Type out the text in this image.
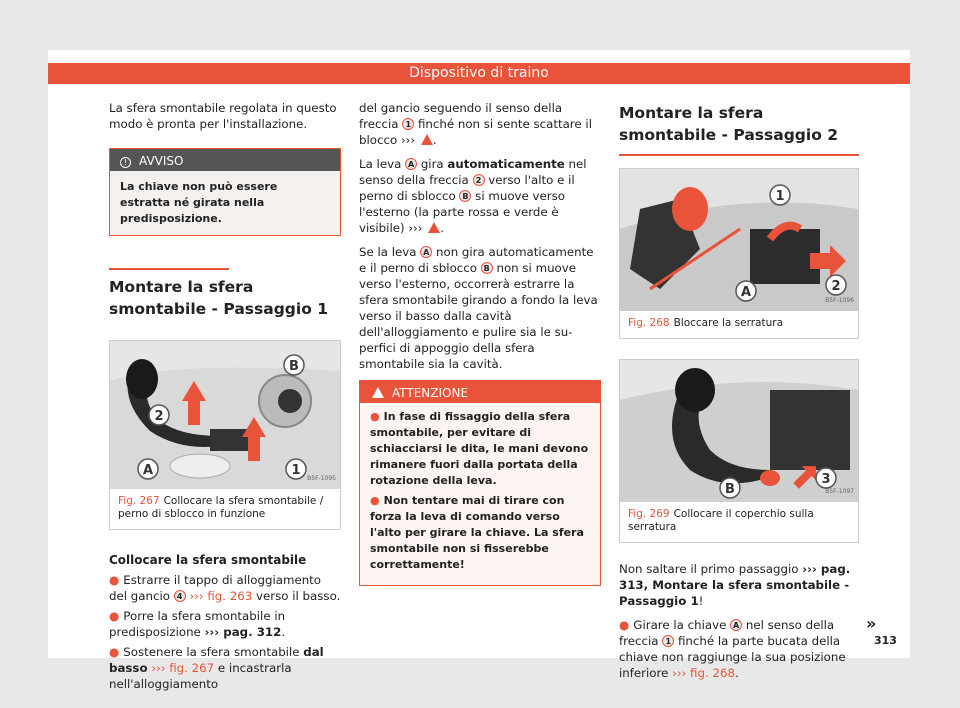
Dispositivo di traino

La sfera smontabile regolata in questo modo è pronta per l'installazione.

! AVVISO
La chiave non può essere estratta né girata nella predisposizione.
Montare la sfera smontabile - Passaggio 1
2
B
A	1
B5F-1095
Fig. 267 Collocare la sfera smontabile / perno di sblocco in funzione
Collocare la sfera smontabile
● Estrarre il tappo di alloggiamento del gancio 4 ››› fig. 263 verso il basso.
● Porre la sfera smontabile in predisposizione ››› pag. 312.
● Sostenere la sfera smontabile dal basso ››› fig. 267 e incastrarla nell'alloggiamento

del gancio seguendo il senso della freccia 1 finché non si sente scattare il blocco ››› .

La leva A gira automaticamente nel senso della freccia 2 verso l'alto e il perno di sblocco B si muove verso l'esterno (la parte rossa e verde è visibile) ››› .

Se la leva A non gira automaticamente e il perno di sblocco B non si muove verso l'esterno, occorrerà estrarre la sfera smontabile girando a fondo la leva verso il basso dalla cavità dell'alloggiamento e pulire sia le superfici di appoggio della sfera smontabile sia la cavità.

ATTENZIONE
● In fase di fissaggio della sfera smontabile, per evitare di schiacciarsi le dita, le mani devono rimanere fuori dalla portata della rotazione della leva.
● Non tentare mai di tirare con forza la leva di comando verso l'alto per girare la chiave. La sfera smontabile non si fisserebbe correttamente!
Montare la sfera smontabile - Passaggio 2
1
2
A
B5F-1096
Fig. 268 Bloccare la serratura
B
3
B5F-1097
Fig. 269 Collocare il coperchio sulla serratura

Non saltare il primo passaggio ››› pag. 313, Montare la sfera smontabile - Passaggio 1!

● Girare la chiave A nel senso della freccia 1 finché la parte bucata della chiave non raggiunge la sua posizione inferiore ››› fig. 268.
»
313
